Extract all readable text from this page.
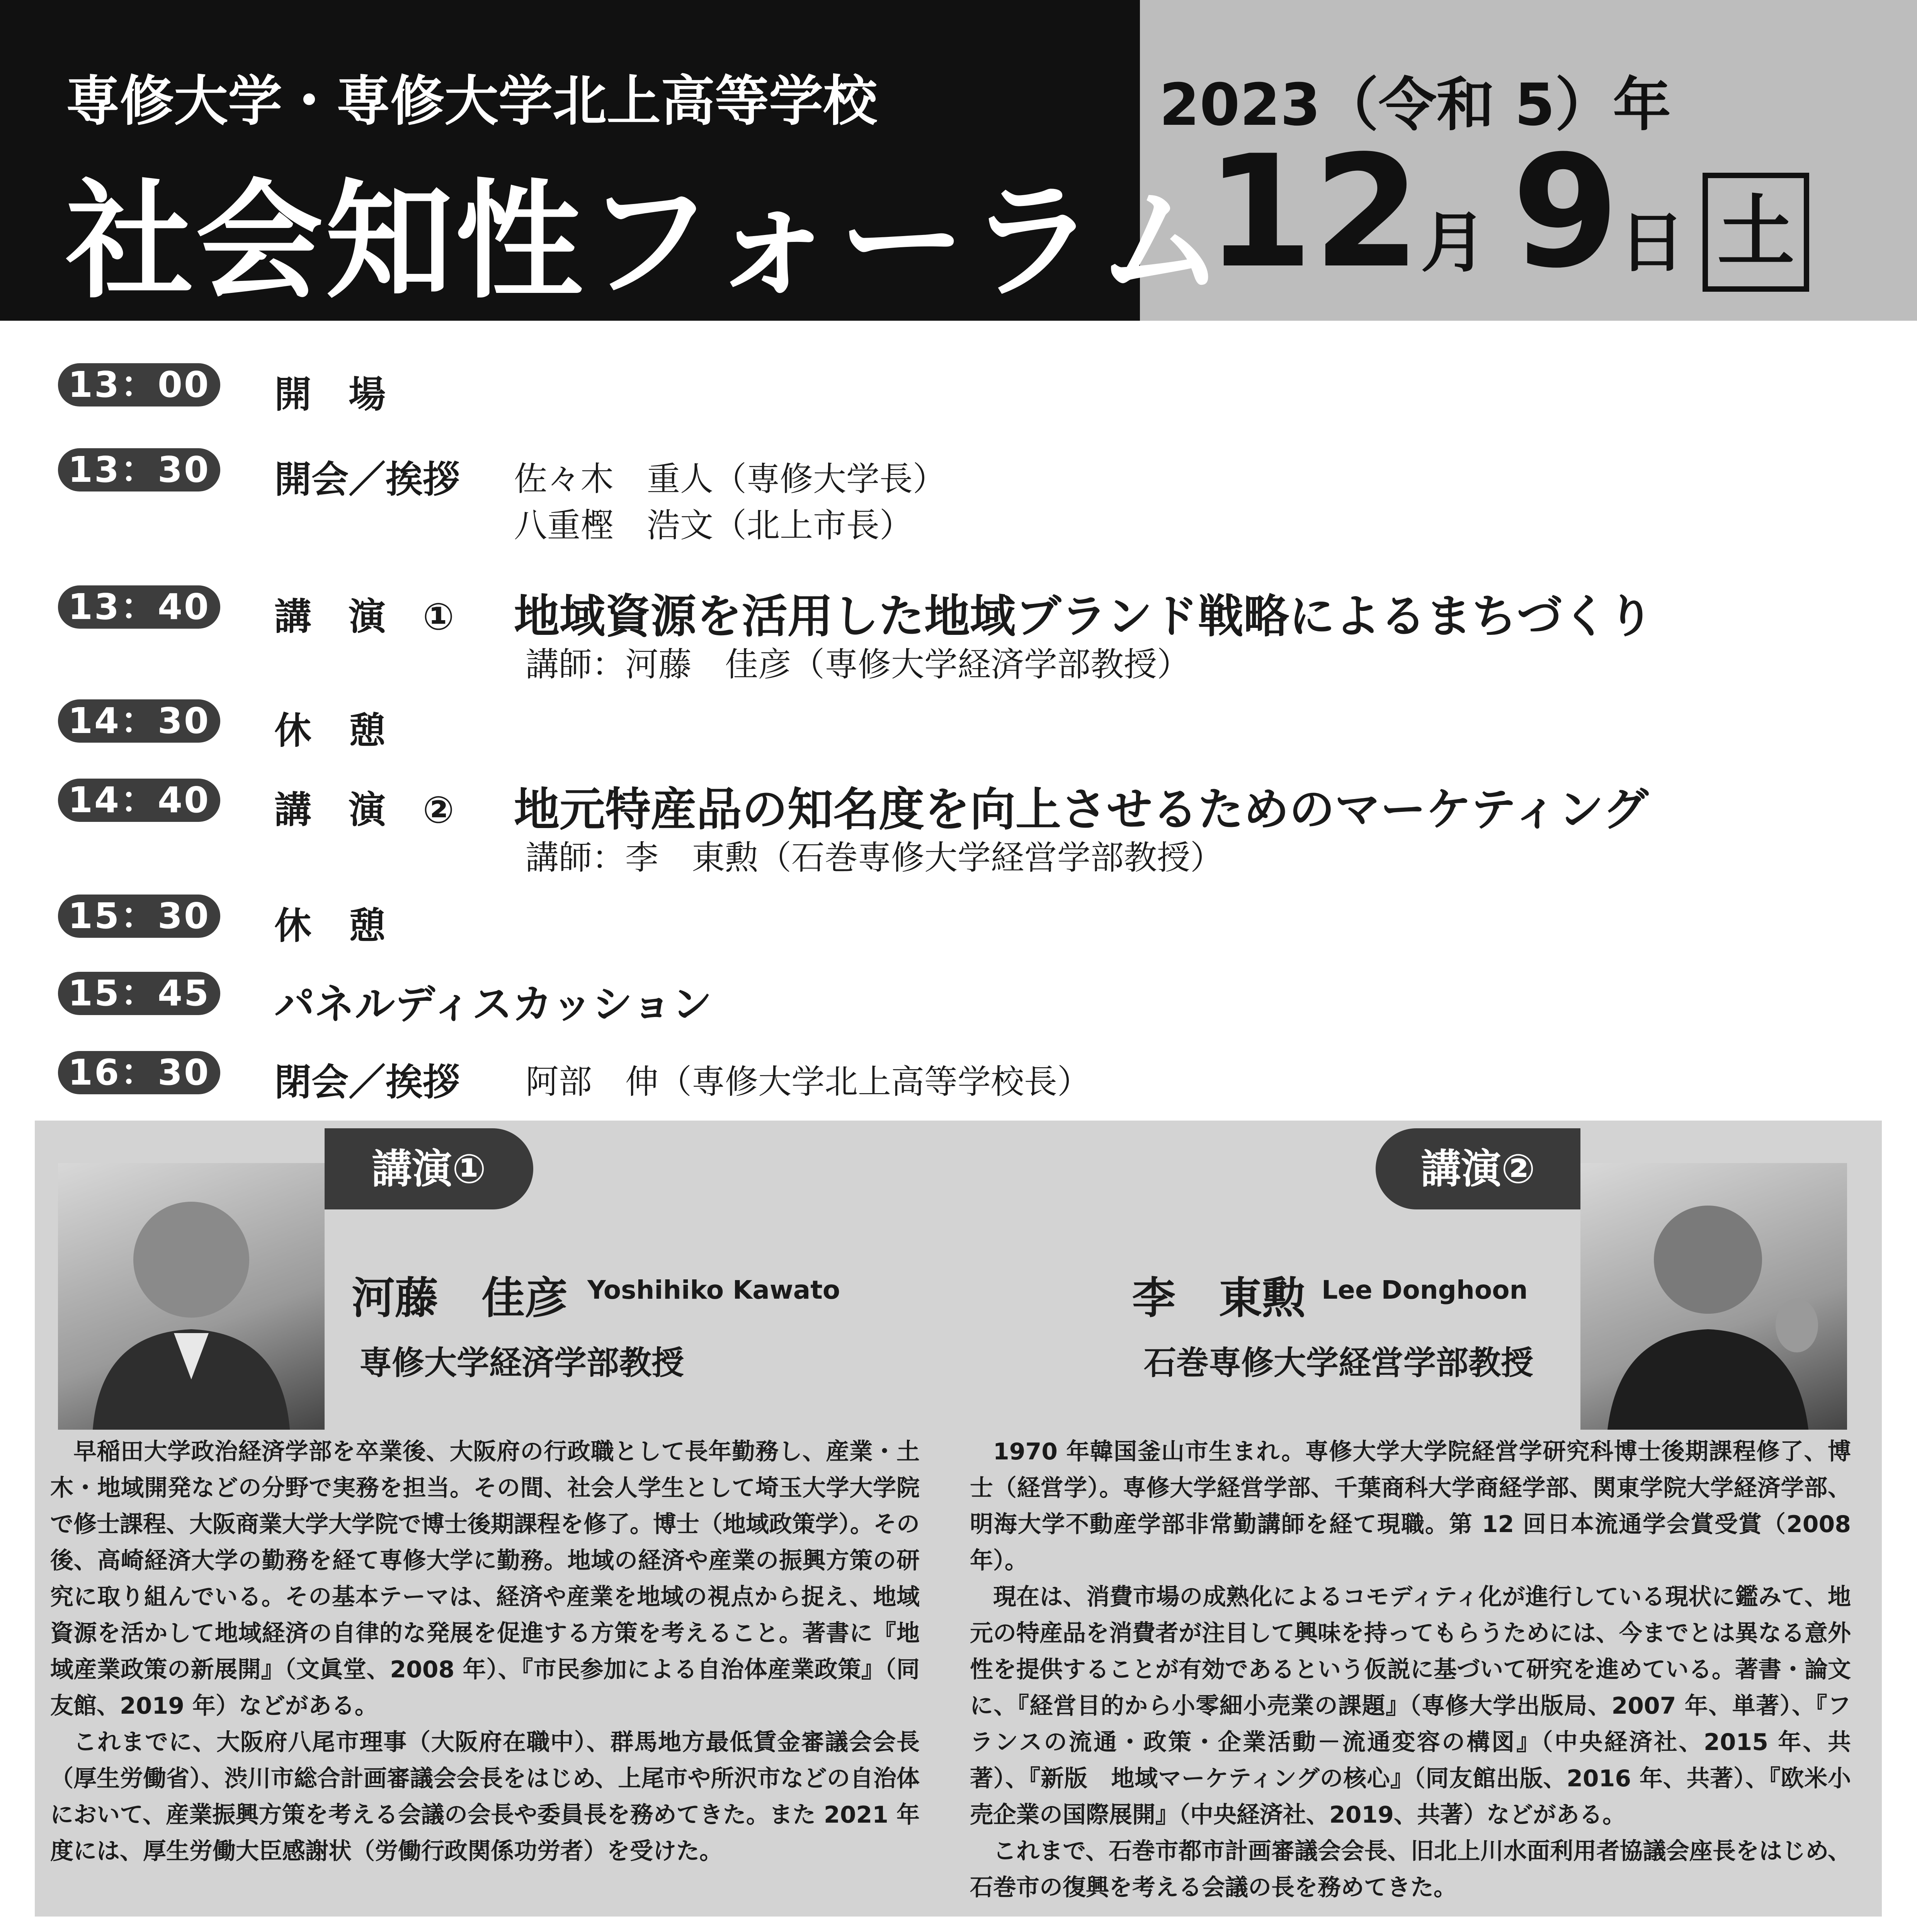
専修大学・専修大学北上高等学校
社会知性フォーラム
2023（令和 5）年
12月 9日 土
13：00 開　場
13：30 開会／挨拶 佐々木　重人（専修大学長）
八重樫　浩文（北上市長）
13：40 講　演　① 地域資源を活用した地域ブランド戦略によるまちづくり
講師：河藤　佳彦（専修大学経済学部教授）
14：30 休　憩
14：40 講　演　② 地元特産品の知名度を向上させるためのマーケティング
講師：李　東勲（石巻専修大学経営学部教授）
15：30 休　憩
15：45 パネルディスカッション
16：30 閉会／挨拶 阿部　伸（専修大学北上高等学校長）
講演①
河藤　佳彦 Yoshihiko Kawato
専修大学経済学部教授

早稲田大学政治経済学部を卒業後、大阪府の行政職として長年勤務し、産業・土木・地域開発などの分野で実務を担当。その間、社会人学生として埼玉大学大学院で修士課程、大阪商業大学大学院で博士後期課程を修了。博士（地域政策学）。その後、高崎経済大学の勤務を経て専修大学に勤務。地域の経済や産業の振興方策の研究に取り組んでいる。その基本テーマは、経済や産業を地域の視点から捉え、地域資源を活かして地域経済の自律的な発展を促進する方策を考えること。著書に『地域産業政策の新展開』（文眞堂、2008 年）、『市民参加による自治体産業政策』（同友館、2019 年）などがある。

これまでに、大阪府八尾市理事（大阪府在職中）、群馬地方最低賃金審議会会長（厚生労働省）、渋川市総合計画審議会会長をはじめ、上尾市や所沢市などの自治体において、産業振興方策を考える会議の会長や委員長を務めてきた。また 2021 年度には、厚生労働大臣感謝状（労働行政関係功労者）を受けた。

講演②
李　東勲 Lee Donghoon
石巻専修大学経営学部教授

1970 年韓国釜山市生まれ。専修大学大学院経営学研究科博士後期課程修了、博士（経営学）。専修大学経営学部、千葉商科大学商経学部、関東学院大学経済学部、明海大学不動産学部非常勤講師を経て現職。第 12 回日本流通学会賞受賞（2008 年）。

現在は、消費市場の成熟化によるコモディティ化が進行している現状に鑑みて、地元の特産品を消費者が注目して興味を持ってもらうためには、今までとは異なる意外性を提供することが有効であるという仮説に基づいて研究を進めている。著書・論文に、『経営目的から小零細小売業の課題』（専修大学出版局、2007 年、単著）、『フランスの流通・政策・企業活動－流通変容の構図』（中央経済社、2015 年、共著）、『新版　地域マーケティングの核心』（同友館出版、2016 年、共著）、『欧米小売企業の国際展開』（中央経済社、2019、共著）などがある。

これまで、石巻市都市計画審議会会長、旧北上川水面利用者協議会座長をはじめ、石巻市の復興を考える会議の長を務めてきた。
